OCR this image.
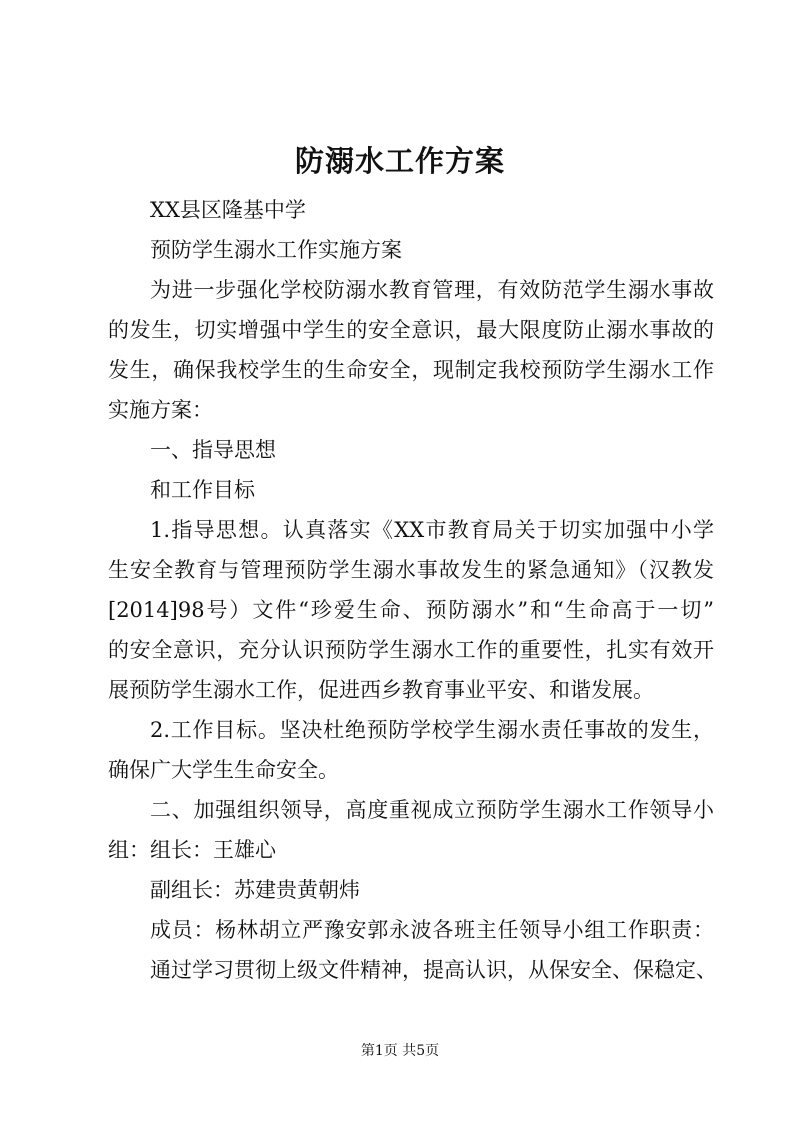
防溺水工作方案
XX县区隆基中学
预防学生溺水工作实施方案
为进一步强化学校防溺水教育管理，有效防范学生溺水事故
的发生，切实增强中学生的安全意识，最大限度防止溺水事故的
发生，确保我校学生的生命安全，现制定我校预防学生溺水工作
实施方案：
一、指导思想
和工作目标
1.指导思想。认真落实《XX市教育局关于切实加强中小学
生安全教育与管理预防学生溺水事故发生的紧急通知》（汉教发
[2014]98号）文件“珍爱生命、预防溺水”和“生命高于一切”
的安全意识，充分认识预防学生溺水工作的重要性，扎实有效开
展预防学生溺水工作，促进西乡教育事业平安、和谐发展。
2.工作目标。坚决杜绝预防学校学生溺水责任事故的发生，
确保广大学生生命安全。
二、加强组织领导，高度重视成立预防学生溺水工作领导小
组：组长：王雄心
副组长：苏建贵黄朝炜
成员：杨林胡立严豫安郭永波各班主任领导小组工作职责：
通过学习贯彻上级文件精神，提高认识，从保安全、保稳定、
第1页 共5页
